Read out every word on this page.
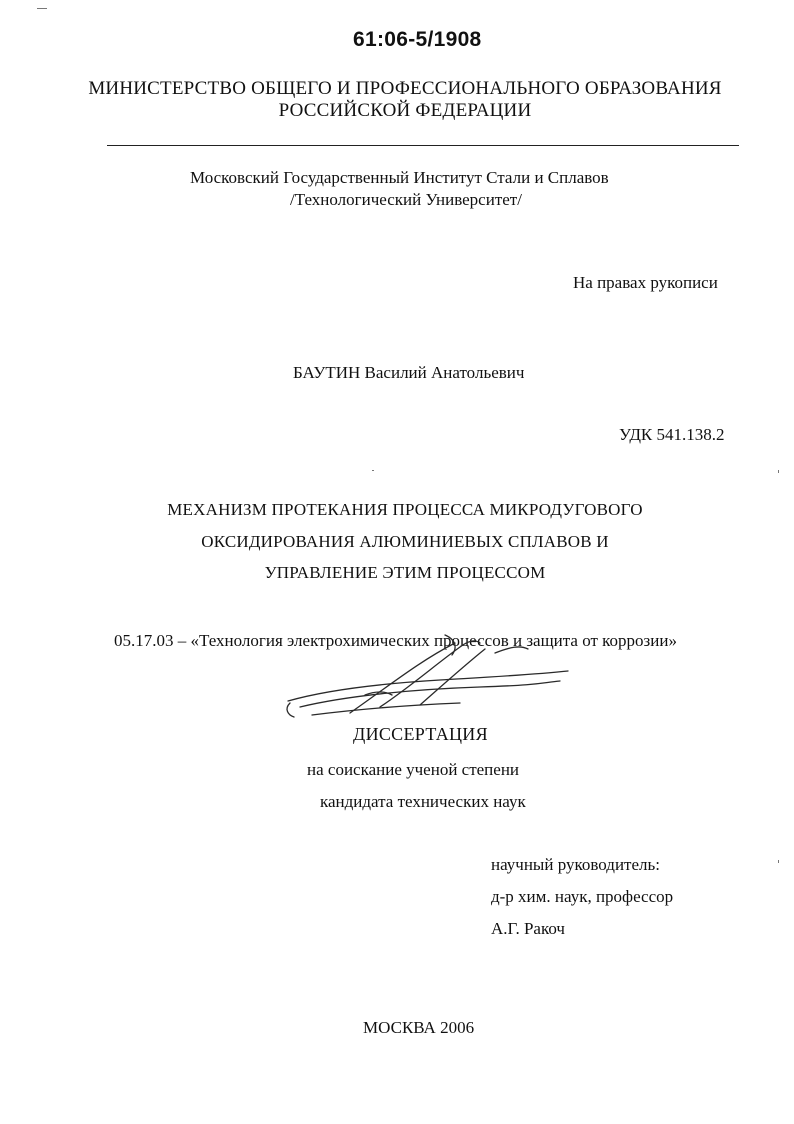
61:06-5/1908
МИНИСТЕРСТВО ОБЩЕГО И ПРОФЕССИОНАЛЬНОГО ОБРАЗОВАНИЯ
РОССИЙСКОЙ ФЕДЕРАЦИИ
Московский Государственный Институт Стали и Сплавов
/Технологический Университет/
На правах рукописи
БАУТИН Василий Анатольевич
УДК 541.138.2
МЕХАНИЗМ ПРОТЕКАНИЯ ПРОЦЕССА МИКРОДУГОВОГО
ОКСИДИРОВАНИЯ АЛЮМИНИЕВЫХ СПЛАВОВ И
УПРАВЛЕНИЕ ЭТИМ ПРОЦЕССОМ
05.17.03 – «Технология электрохимических процессов и защита от коррозии»
ДИССЕРТАЦИЯ
на соискание ученой степени
кандидата технических наук
научный руководитель:
д-р хим. наук, профессор
А.Г. Ракоч
МОСКВА 2006
